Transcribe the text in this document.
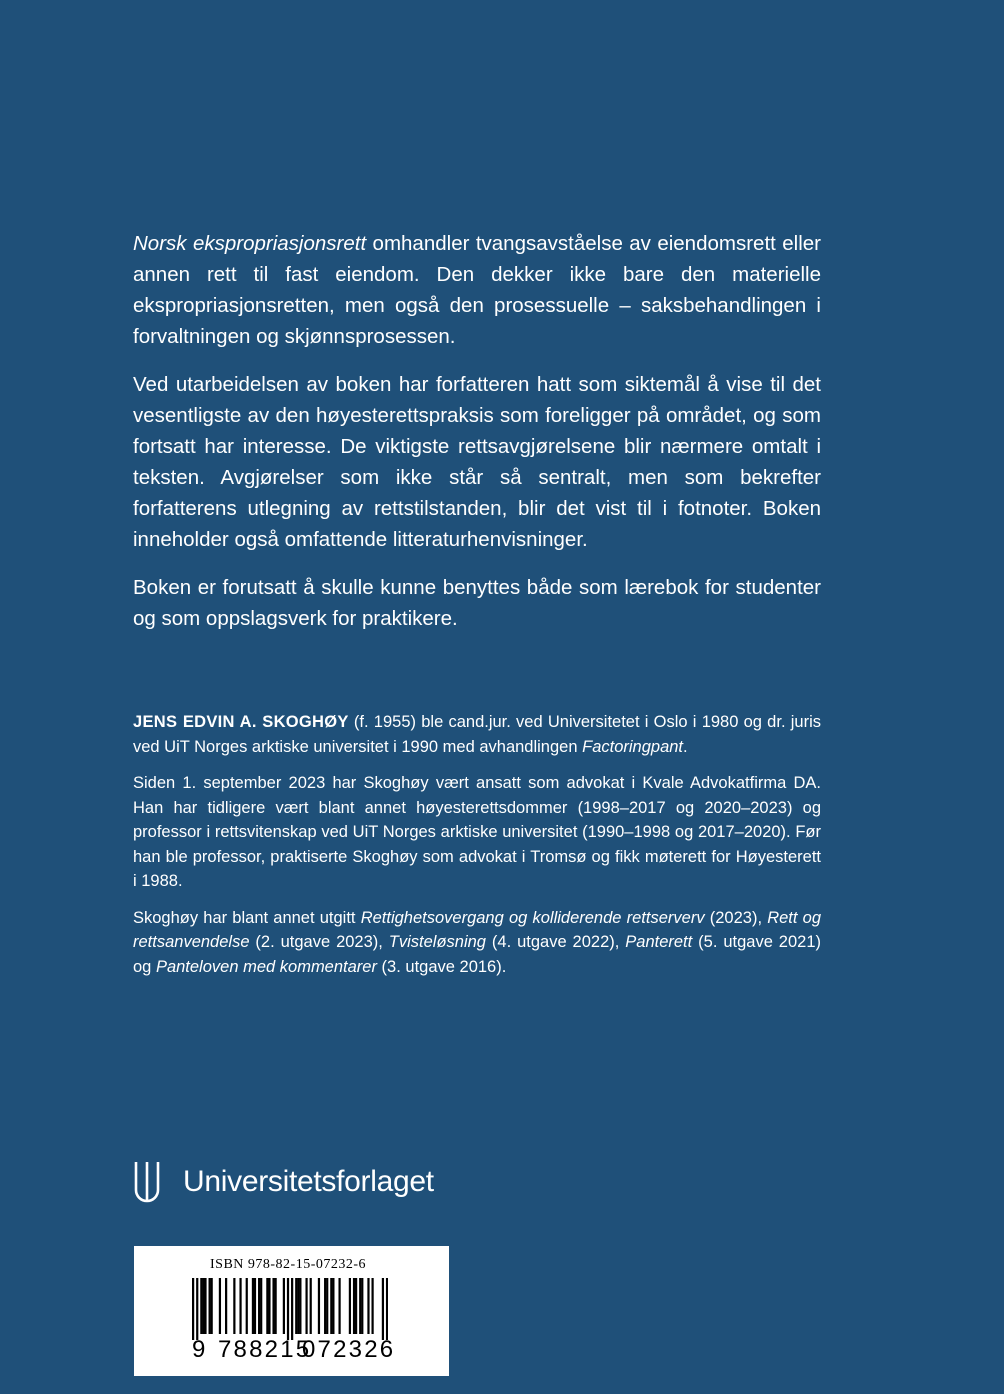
Norsk ekspropriasjonsrett omhandler tvangsavståelse av eiendomsrett eller annen rett til fast eiendom. Den dekker ikke bare den materielle ekspropriasjonsretten, men også den prosessuelle – saksbehandlingen i forvaltningen og skjønnsprosessen.

Ved utarbeidelsen av boken har forfatteren hatt som siktemål å vise til det vesentligste av den høyesterettspraksis som foreligger på området, og som fortsatt har interesse. De viktigste rettsavgjørelsene blir nærmere omtalt i teksten. Avgjørelser som ikke står så sentralt, men som bekrefter forfatterens utlegning av rettstilstanden, blir det vist til i fotnoter. Boken inneholder også omfattende litteraturhenvisninger.

Boken er forutsatt å skulle kunne benyttes både som lærebok for studenter og som oppslagsverk for praktikere.

JENS EDVIN A. SKOGHØY (f. 1955) ble cand.jur. ved Universitetet i Oslo i 1980 og dr. juris ved UiT Norges arktiske universitet i 1990 med avhandlingen Factoringpant.

Siden 1. september 2023 har Skoghøy vært ansatt som advokat i Kvale Advokatfirma DA. Han har tidligere vært blant annet høyesterettsdommer (1998–2017 og 2020–2023) og professor i rettsvitenskap ved UiT Norges arktiske universitet (1990–1998 og 2017–2020). Før han ble professor, praktiserte Skoghøy som advokat i Tromsø og fikk møterett for Høyesterett i 1988.

Skoghøy har blant annet utgitt Rettighetsovergang og kolliderende rettserverv (2023), Rett og rettsanvendelse (2. utgave 2023), Tvisteløsning (4. utgave 2022), Panterett (5. utgave 2021) og Panteloven med kommentarer (3. utgave 2016).

Universitetsforlaget
ISBN 978-82-15-07232-6
9 788215
072326
